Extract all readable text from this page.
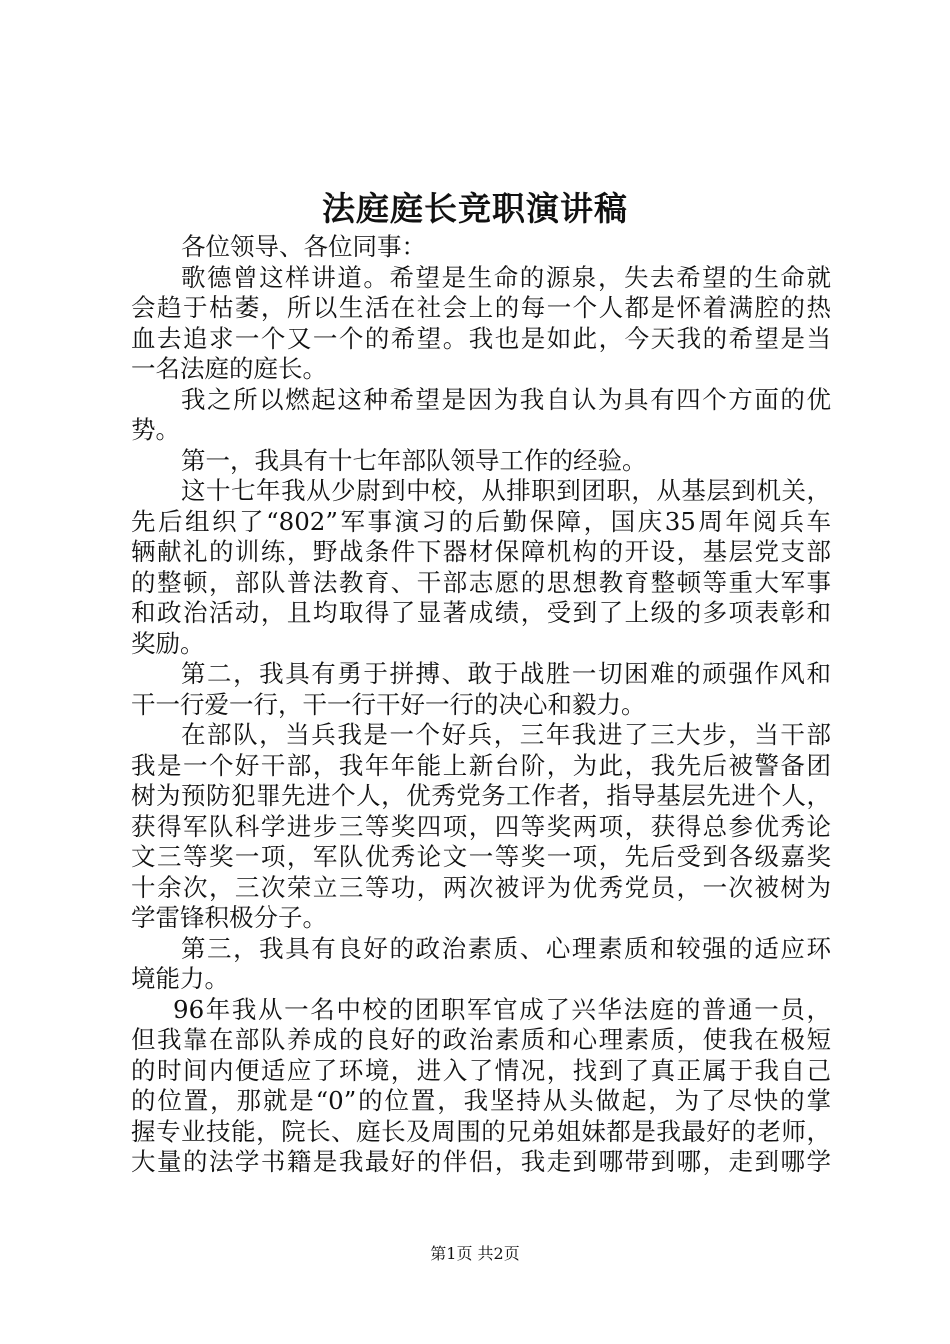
法庭庭长竞职演讲稿
各位领导、各位同事：
歌德曾这样讲道。希望是生命的源泉，失去希望的生命就
会趋于枯萎，所以生活在社会上的每一个人都是怀着满腔的热
血去追求一个又一个的希望。我也是如此，今天我的希望是当
一名法庭的庭长。
我之所以燃起这种希望是因为我自认为具有四个方面的优
势。
第一，我具有十七年部队领导工作的经验。
这十七年我从少尉到中校，从排职到团职，从基层到机关，
先后组织了“802”军事演习的后勤保障，国庆35周年阅兵车
辆献礼的训练，野战条件下器材保障机构的开设，基层党支部
的整顿，部队普法教育、干部志愿的思想教育整顿等重大军事
和政治活动，且均取得了显著成绩，受到了上级的多项表彰和
奖励。
第二，我具有勇于拼搏、敢于战胜一切困难的顽强作风和
干一行爱一行，干一行干好一行的决心和毅力。
在部队，当兵我是一个好兵，三年我进了三大步，当干部
我是一个好干部，我年年能上新台阶，为此，我先后被警备团
树为预防犯罪先进个人，优秀党务工作者，指导基层先进个人，
获得军队科学进步三等奖四项，四等奖两项，获得总参优秀论
文三等奖一项，军队优秀论文一等奖一项，先后受到各级嘉奖
十余次，三次荣立三等功，两次被评为优秀党员，一次被树为
学雷锋积极分子。
第三，我具有良好的政治素质、心理素质和较强的适应环
境能力。
96年我从一名中校的团职军官成了兴华法庭的普通一员，
但我靠在部队养成的良好的政治素质和心理素质，使我在极短
的时间内便适应了环境，进入了情况，找到了真正属于我自己
的位置，那就是“0”的位置，我坚持从头做起，为了尽快的掌
握专业技能，院长、庭长及周围的兄弟姐妹都是我最好的老师，
大量的法学书籍是我最好的伴侣，我走到哪带到哪，走到哪学
第1页 共2页
